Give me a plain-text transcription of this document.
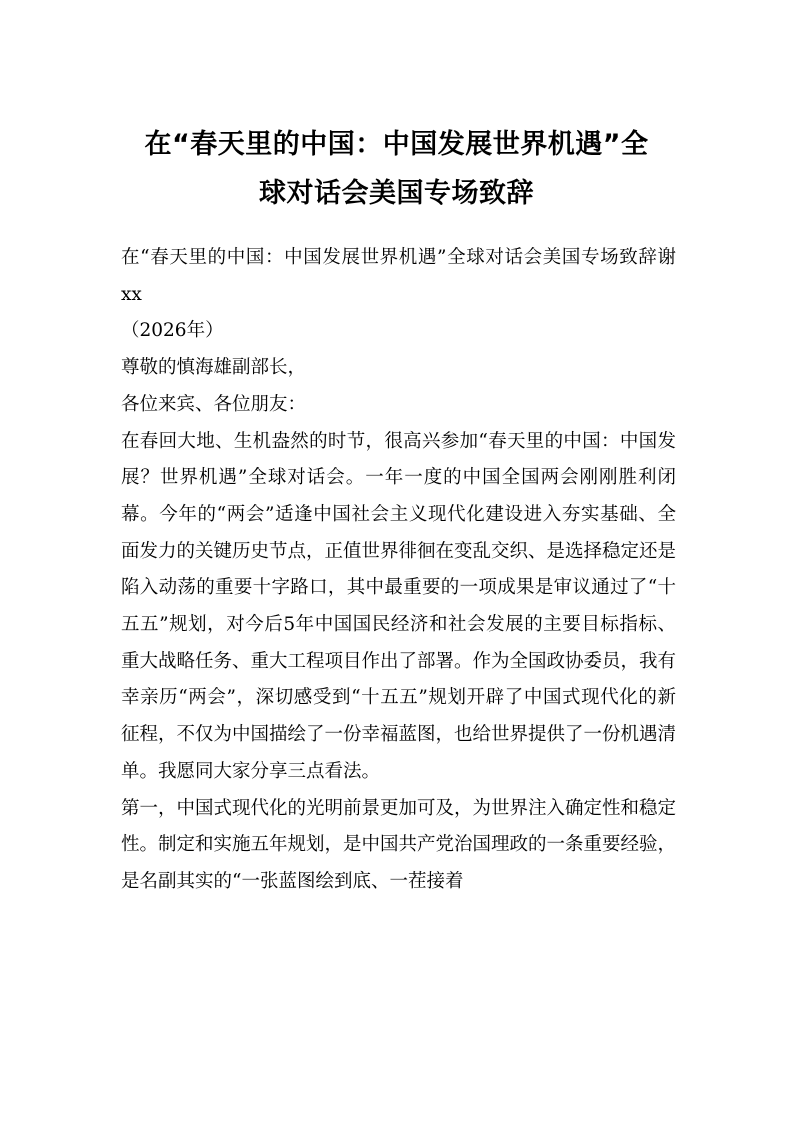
在“春天里的中国：中国发展世界机遇”全
球对话会美国专场致辞

在“春天里的中国：中国发展世界机遇”全球对话会美国专场致辞谢xx

（2026年）

尊敬的慎海雄副部长，

各位来宾、各位朋友：

在春回大地、生机盎然的时节，很高兴参加“春天里的中国：中国发展？世界机遇”全球对话会。一年一度的中国全国两会刚刚胜利闭幕。今年的“两会”适逢中国社会主义现代化建设进入夯实基础、全面发力的关键历史节点，正值世界徘徊在变乱交织、是选择稳定还是陷入动荡的重要十字路口，其中最重要的一项成果是审议通过了“十五五”规划，对今后5年中国国民经济和社会发展的主要目标指标、重大战略任务、重大工程项目作出了部署。作为全国政协委员，我有幸亲历“两会”，深切感受到“十五五”规划开辟了中国式现代化的新征程，不仅为中国描绘了一份幸福蓝图，也给世界提供了一份机遇清单。我愿同大家分享三点看法。

第一，中国式现代化的光明前景更加可及，为世界注入确定性和稳定性。制定和实施五年规划，是中国共产党治国理政的一条重要经验，是名副其实的“一张蓝图绘到底、一茬接着
